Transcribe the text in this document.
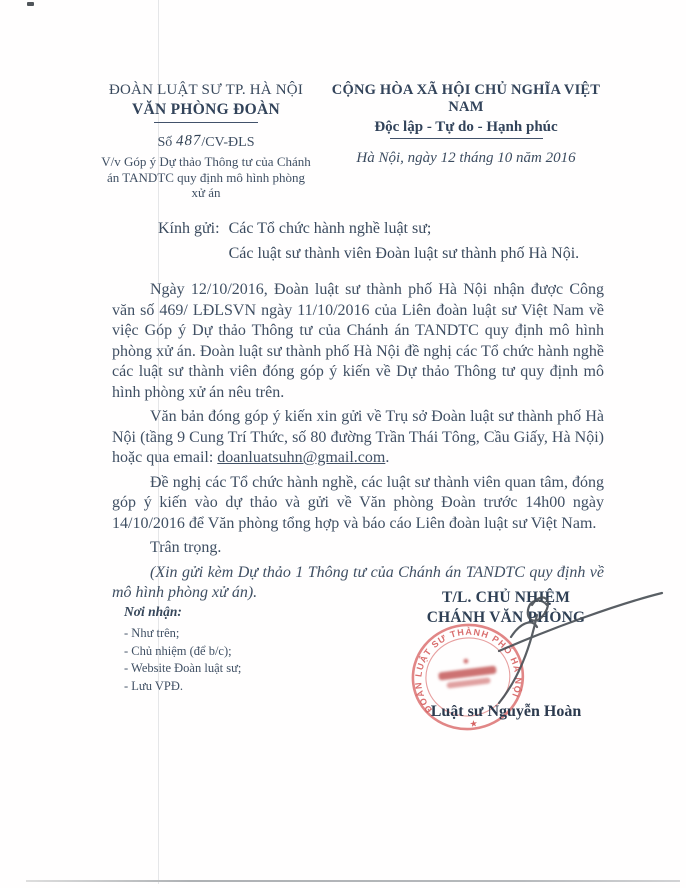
ĐOÀN LUẬT SƯ TP. HÀ NỘI
VĂN PHÒNG ĐOÀN
Số 487/CV-ĐLS
V/v Góp ý Dự thảo Thông tư của Chánh án TANDTC quy định mô hình phòng xử án
CỘNG HÒA XÃ HỘI CHỦ NGHĨA VIỆT NAM
Độc lập - Tự do - Hạnh phúc
Hà Nội, ngày 12 tháng 10 năm 2016
Kính gửi: Các Tổ chức hành nghề luật sư;
Các luật sư thành viên Đoàn luật sư thành phố Hà Nội.

Ngày 12/10/2016, Đoàn luật sư thành phố Hà Nội nhận được Công văn số 469/ LĐLSVN ngày 11/10/2016 của Liên đoàn luật sư Việt Nam về việc Góp ý Dự thảo Thông tư của Chánh án TANDTC quy định mô hình phòng xử án. Đoàn luật sư thành phố Hà Nội đề nghị các Tổ chức hành nghề các luật sư thành viên đóng góp ý kiến về Dự thảo Thông tư quy định mô hình phòng xử án nêu trên.

Văn bản đóng góp ý kiến xin gửi về Trụ sở Đoàn luật sư thành phố Hà Nội (tầng 9 Cung Trí Thức, số 80 đường Trần Thái Tông, Cầu Giấy, Hà Nội) hoặc qua email: doanluatsuhn@gmail.com.

Đề nghị các Tổ chức hành nghề, các luật sư thành viên quan tâm, đóng góp ý kiến vào dự thảo và gửi về Văn phòng Đoàn trước 14h00 ngày 14/10/2016 để Văn phòng tổng hợp và báo cáo Liên đoàn luật sư Việt Nam.

Trân trọng.

(Xin gửi kèm Dự thảo 1 Thông tư của Chánh án TANDTC quy định về mô hình phòng xử án).

Nơi nhận:
- Như trên;
- Chủ nhiệm (để b/c);
- Website Đoàn luật sư;
- Lưu VPĐ.
T/L. CHỦ NHIỆM
CHÁNH VĂN PHÒNG
ĐOÀN LUẬT SƯ THÀNH PHỐ HÀ NỘI
★
Luật sư Nguyễn Hoàn
